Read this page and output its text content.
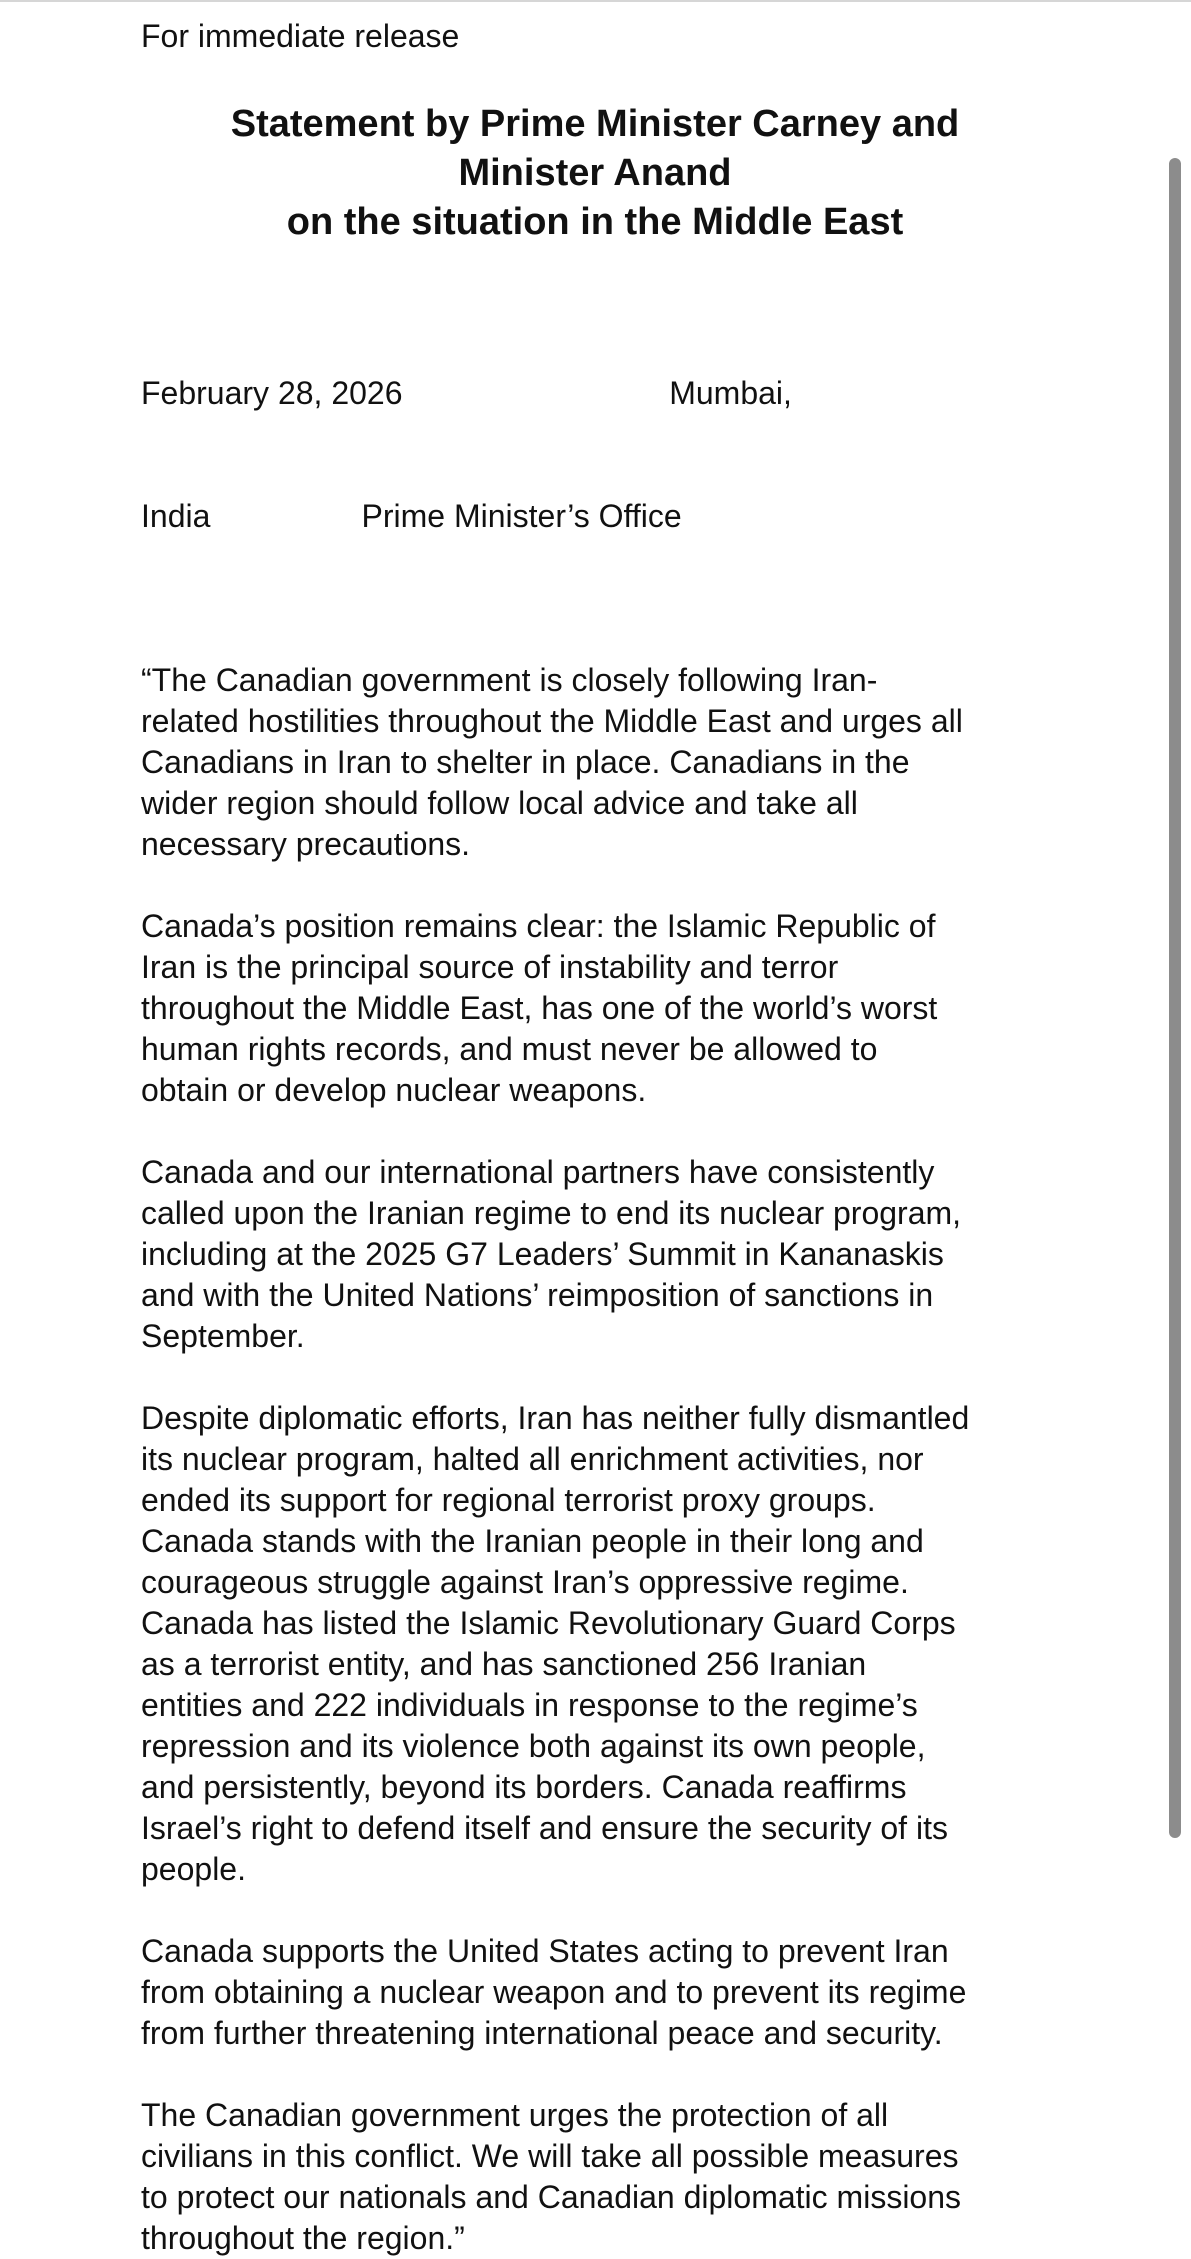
For immediate release

Statement by Prime Minister Carney and
Minister Anand
on the situation in the Middle East

February 28, 2026                              Mumbai,

India                 Prime Minister’s Office

“The Canadian government is closely following Iran-
related hostilities throughout the Middle East and urges all
Canadians in Iran to shelter in place. Canadians in the
wider region should follow local advice and take all
necessary precautions.

Canada’s position remains clear: the Islamic Republic of
Iran is the principal source of instability and terror
throughout the Middle East, has one of the world’s worst
human rights records, and must never be allowed to
obtain or develop nuclear weapons.

Canada and our international partners have consistently
called upon the Iranian regime to end its nuclear program,
including at the 2025 G7 Leaders’ Summit in Kananaskis
and with the United Nations’ reimposition of sanctions in
September.

Despite diplomatic efforts, Iran has neither fully dismantled
its nuclear program, halted all enrichment activities, nor
ended its support for regional terrorist proxy groups.
Canada stands with the Iranian people in their long and
courageous struggle against Iran’s oppressive regime.
Canada has listed the Islamic Revolutionary Guard Corps
as a terrorist entity, and has sanctioned 256 Iranian
entities and 222 individuals in response to the regime’s
repression and its violence both against its own people,
and persistently, beyond its borders. Canada reaffirms
Israel’s right to defend itself and ensure the security of its
people.

Canada supports the United States acting to prevent Iran
from obtaining a nuclear weapon and to prevent its regime
from further threatening international peace and security.

The Canadian government urges the protection of all
civilians in this conflict. We will take all possible measures
to protect our nationals and Canadian diplomatic missions
throughout the region.”
